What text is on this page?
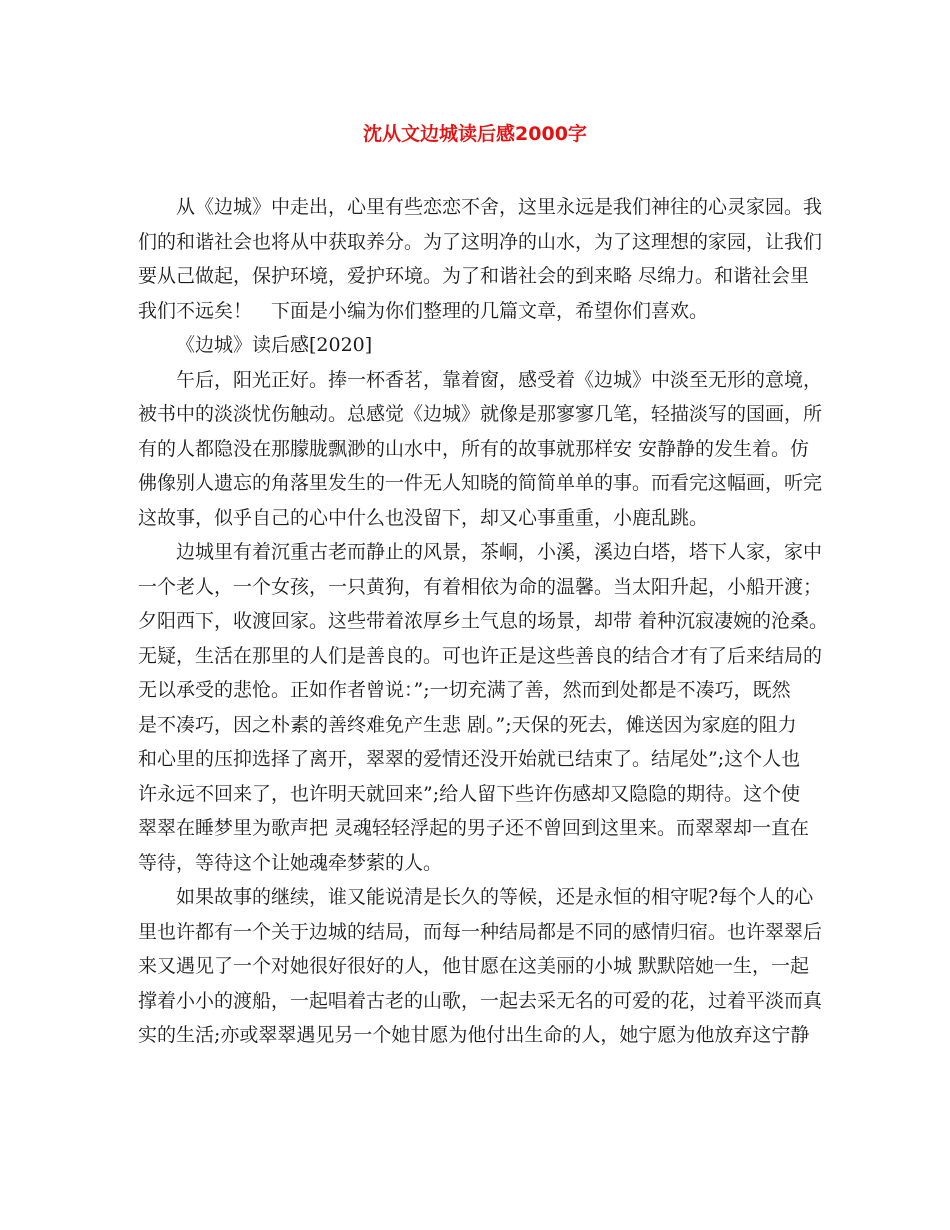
沈从文边城读后感2000字
从《边城》中走出，心里有些恋恋不舍，这里永远是我们神往的心灵家园。我
们的和谐社会也将从中获取养分。为了这明净的山水，为了这理想的家园，让我们
要从己做起，保护环境，爱护环境。为了和谐社会的到来略 尽绵力。和谐社会里
我们不远矣！　下面是小编为你们整理的几篇文章，希望你们喜欢。
《边城》读后感[2020]
午后，阳光正好。捧一杯香茗，靠着窗，感受着《边城》中淡至无形的意境，
被书中的淡淡忧伤触动。总感觉《边城》就像是那寥寥几笔，轻描淡写的国画，所
有的人都隐没在那朦胧飘渺的山水中，所有的故事就那样安 安静静的发生着。仿
佛像别人遗忘的角落里发生的一件无人知晓的简简单单的事。而看完这幅画，听完
这故事，似乎自己的心中什么也没留下，却又心事重重，小鹿乱跳。
边城里有着沉重古老而静止的风景，茶峒，小溪，溪边白塔，塔下人家，家中
一个老人，一个女孩，一只黄狗，有着相依为命的温馨。当太阳升起，小船开渡；
夕阳西下，收渡回家。这些带着浓厚乡土气息的场景，却带 着种沉寂凄婉的沧桑。
无疑，生活在那里的人们是善良的。可也许正是这些善良的结合才有了后来结局的
无以承受的悲怆。正如作者曾说：”;一切充满了善，然而到处都是不凑巧，既然
是不凑巧，因之朴素的善终难免产生悲 剧。”;天保的死去，傩送因为家庭的阻力
和心里的压抑选择了离开，翠翠的爱情还没开始就已结束了。结尾处”;这个人也
许永远不回来了，也许明天就回来”;给人留下些许伤感却又隐隐的期待。这个使
翠翠在睡梦里为歌声把 灵魂轻轻浮起的男子还不曾回到这里来。而翠翠却一直在
等待，等待这个让她魂牵梦萦的人。
如果故事的继续，谁又能说清是长久的等候，还是永恒的相守呢?每个人的心
里也许都有一个关于边城的结局，而每一种结局都是不同的感情归宿。也许翠翠后
来又遇见了一个对她很好很好的人，他甘愿在这美丽的小城 默默陪她一生，一起
撑着小小的渡船，一起唱着古老的山歌，一起去采无名的可爱的花，过着平淡而真
实的生活;亦或翠翠遇见另一个她甘愿为他付出生命的人，她宁愿为他放弃这宁静
